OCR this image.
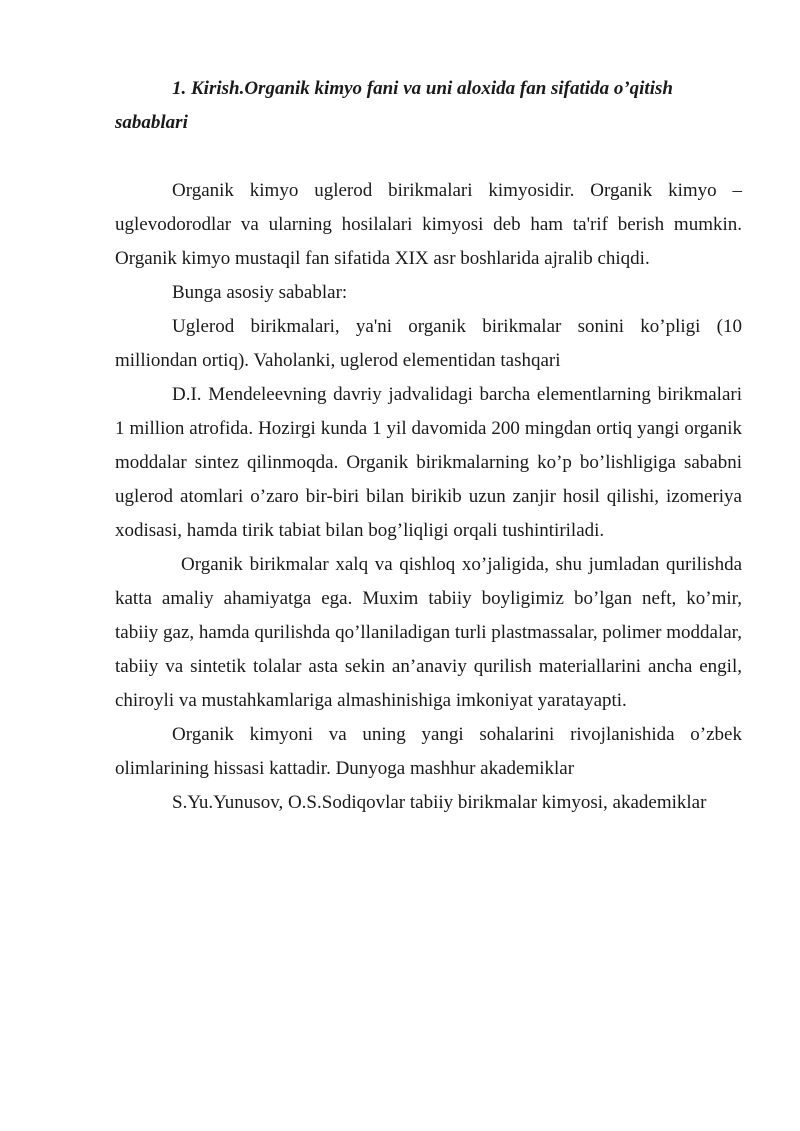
1. Kirish.Organik kimyo fani va uni aloxida fan sifatida o’qitish sabablari

Organik kimyo uglerod birikmalari kimyosidir. Organik kimyo – uglevodorodlar va ularning hosilalari kimyosi deb ham ta'rif berish mumkin. Organik kimyo mustaqil fan sifatida XIX asr boshlarida ajralib chiqdi.

Bunga asosiy sabablar:

Uglerod birikmalari, ya'ni organik birikmalar sonini ko’pligi (10 milliondan ortiq). Vaholanki, uglerod elementidan tashqari

D.I. Mendeleevning davriy jadvalidagi barcha elementlarning birikmalari 1 million atrofida. Hozirgi kunda 1 yil davomida 200 mingdan ortiq yangi organik moddalar sintez qilinmoqda. Organik birikmalarning ko’p bo’lishligiga sababni uglerod atomlari o’zaro bir-biri bilan birikib uzun zanjir hosil qilishi, izomeriya xodisasi, hamda tirik tabiat bilan bog’liqligi orqali tushintiriladi.

Organik birikmalar xalq va qishloq xo’jaligida, shu jumladan qurilishda katta amaliy ahamiyatga ega. Muxim tabiiy boyligimiz bo’lgan neft, ko’mir, tabiiy gaz, hamda qurilishda qo’llaniladigan turli plastmassalar, polimer moddalar, tabiiy va sintetik tolalar asta sekin an’anaviy qurilish materiallarini ancha engil, chiroyli va mustahkamlariga almashinishiga imkoniyat yaratayapti.

Organik kimyoni va uning yangi sohalarini rivojlanishida o’zbek olimlarining hissasi kattadir. Dunyoga mashhur akademiklar

S.Yu.Yunusov, O.S.Sodiqovlar tabiiy birikmalar kimyosi, akademiklar
